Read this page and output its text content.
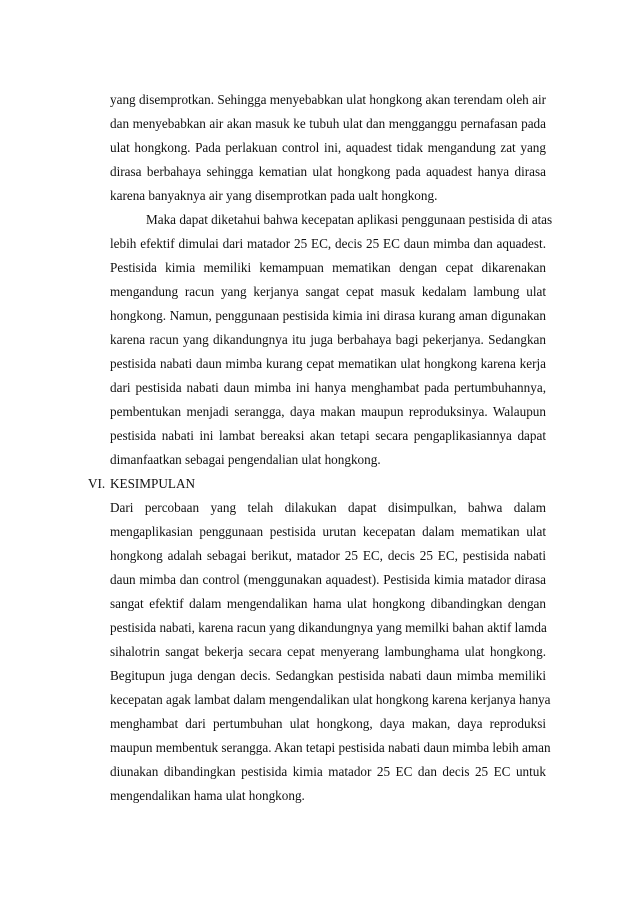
yang disemprotkan. Sehingga menyebabkan ulat hongkong akan terendam oleh air
dan menyebabkan air akan masuk ke tubuh ulat dan mengganggu pernafasan pada
ulat hongkong. Pada perlakuan control ini, aquadest tidak mengandung zat yang
dirasa berbahaya sehingga kematian ulat hongkong pada aquadest hanya dirasa
karena banyaknya air yang disemprotkan pada ualt hongkong.
Maka dapat diketahui bahwa kecepatan aplikasi penggunaan pestisida di atas
lebih efektif dimulai dari matador 25 EC, decis 25 EC daun mimba dan aquadest.
Pestisida kimia memiliki kemampuan mematikan dengan cepat dikarenakan
mengandung racun yang kerjanya sangat cepat masuk kedalam lambung ulat
hongkong. Namun, penggunaan pestisida kimia ini dirasa kurang aman digunakan
karena racun yang dikandungnya itu juga berbahaya bagi pekerjanya. Sedangkan
pestisida nabati daun mimba kurang cepat mematikan ulat hongkong karena kerja
dari pestisida nabati daun mimba ini hanya menghambat pada pertumbuhannya,
pembentukan menjadi serangga, daya makan maupun reproduksinya. Walaupun
pestisida nabati ini lambat bereaksi akan tetapi secara pengaplikasiannya dapat
dimanfaatkan sebagai pengendalian ulat hongkong.
VI. KESIMPULAN
Dari percobaan yang telah dilakukan dapat disimpulkan, bahwa dalam
mengaplikasian penggunaan pestisida urutan kecepatan dalam mematikan ulat
hongkong adalah sebagai berikut, matador 25 EC, decis 25 EC, pestisida nabati
daun mimba dan control (menggunakan aquadest). Pestisida kimia matador dirasa
sangat efektif dalam mengendalikan hama ulat hongkong dibandingkan dengan
pestisida nabati, karena racun yang dikandungnya yang memilki bahan aktif lamda
sihalotrin sangat bekerja secara cepat menyerang lambunghama ulat hongkong.
Begitupun juga dengan decis. Sedangkan pestisida nabati daun mimba memiliki
kecepatan agak lambat dalam mengendalikan ulat hongkong karena kerjanya hanya
menghambat dari pertumbuhan ulat hongkong, daya makan, daya reproduksi
maupun membentuk serangga. Akan tetapi pestisida nabati daun mimba lebih aman
diunakan dibandingkan pestisida kimia matador 25 EC dan decis 25 EC untuk
mengendalikan hama ulat hongkong.
